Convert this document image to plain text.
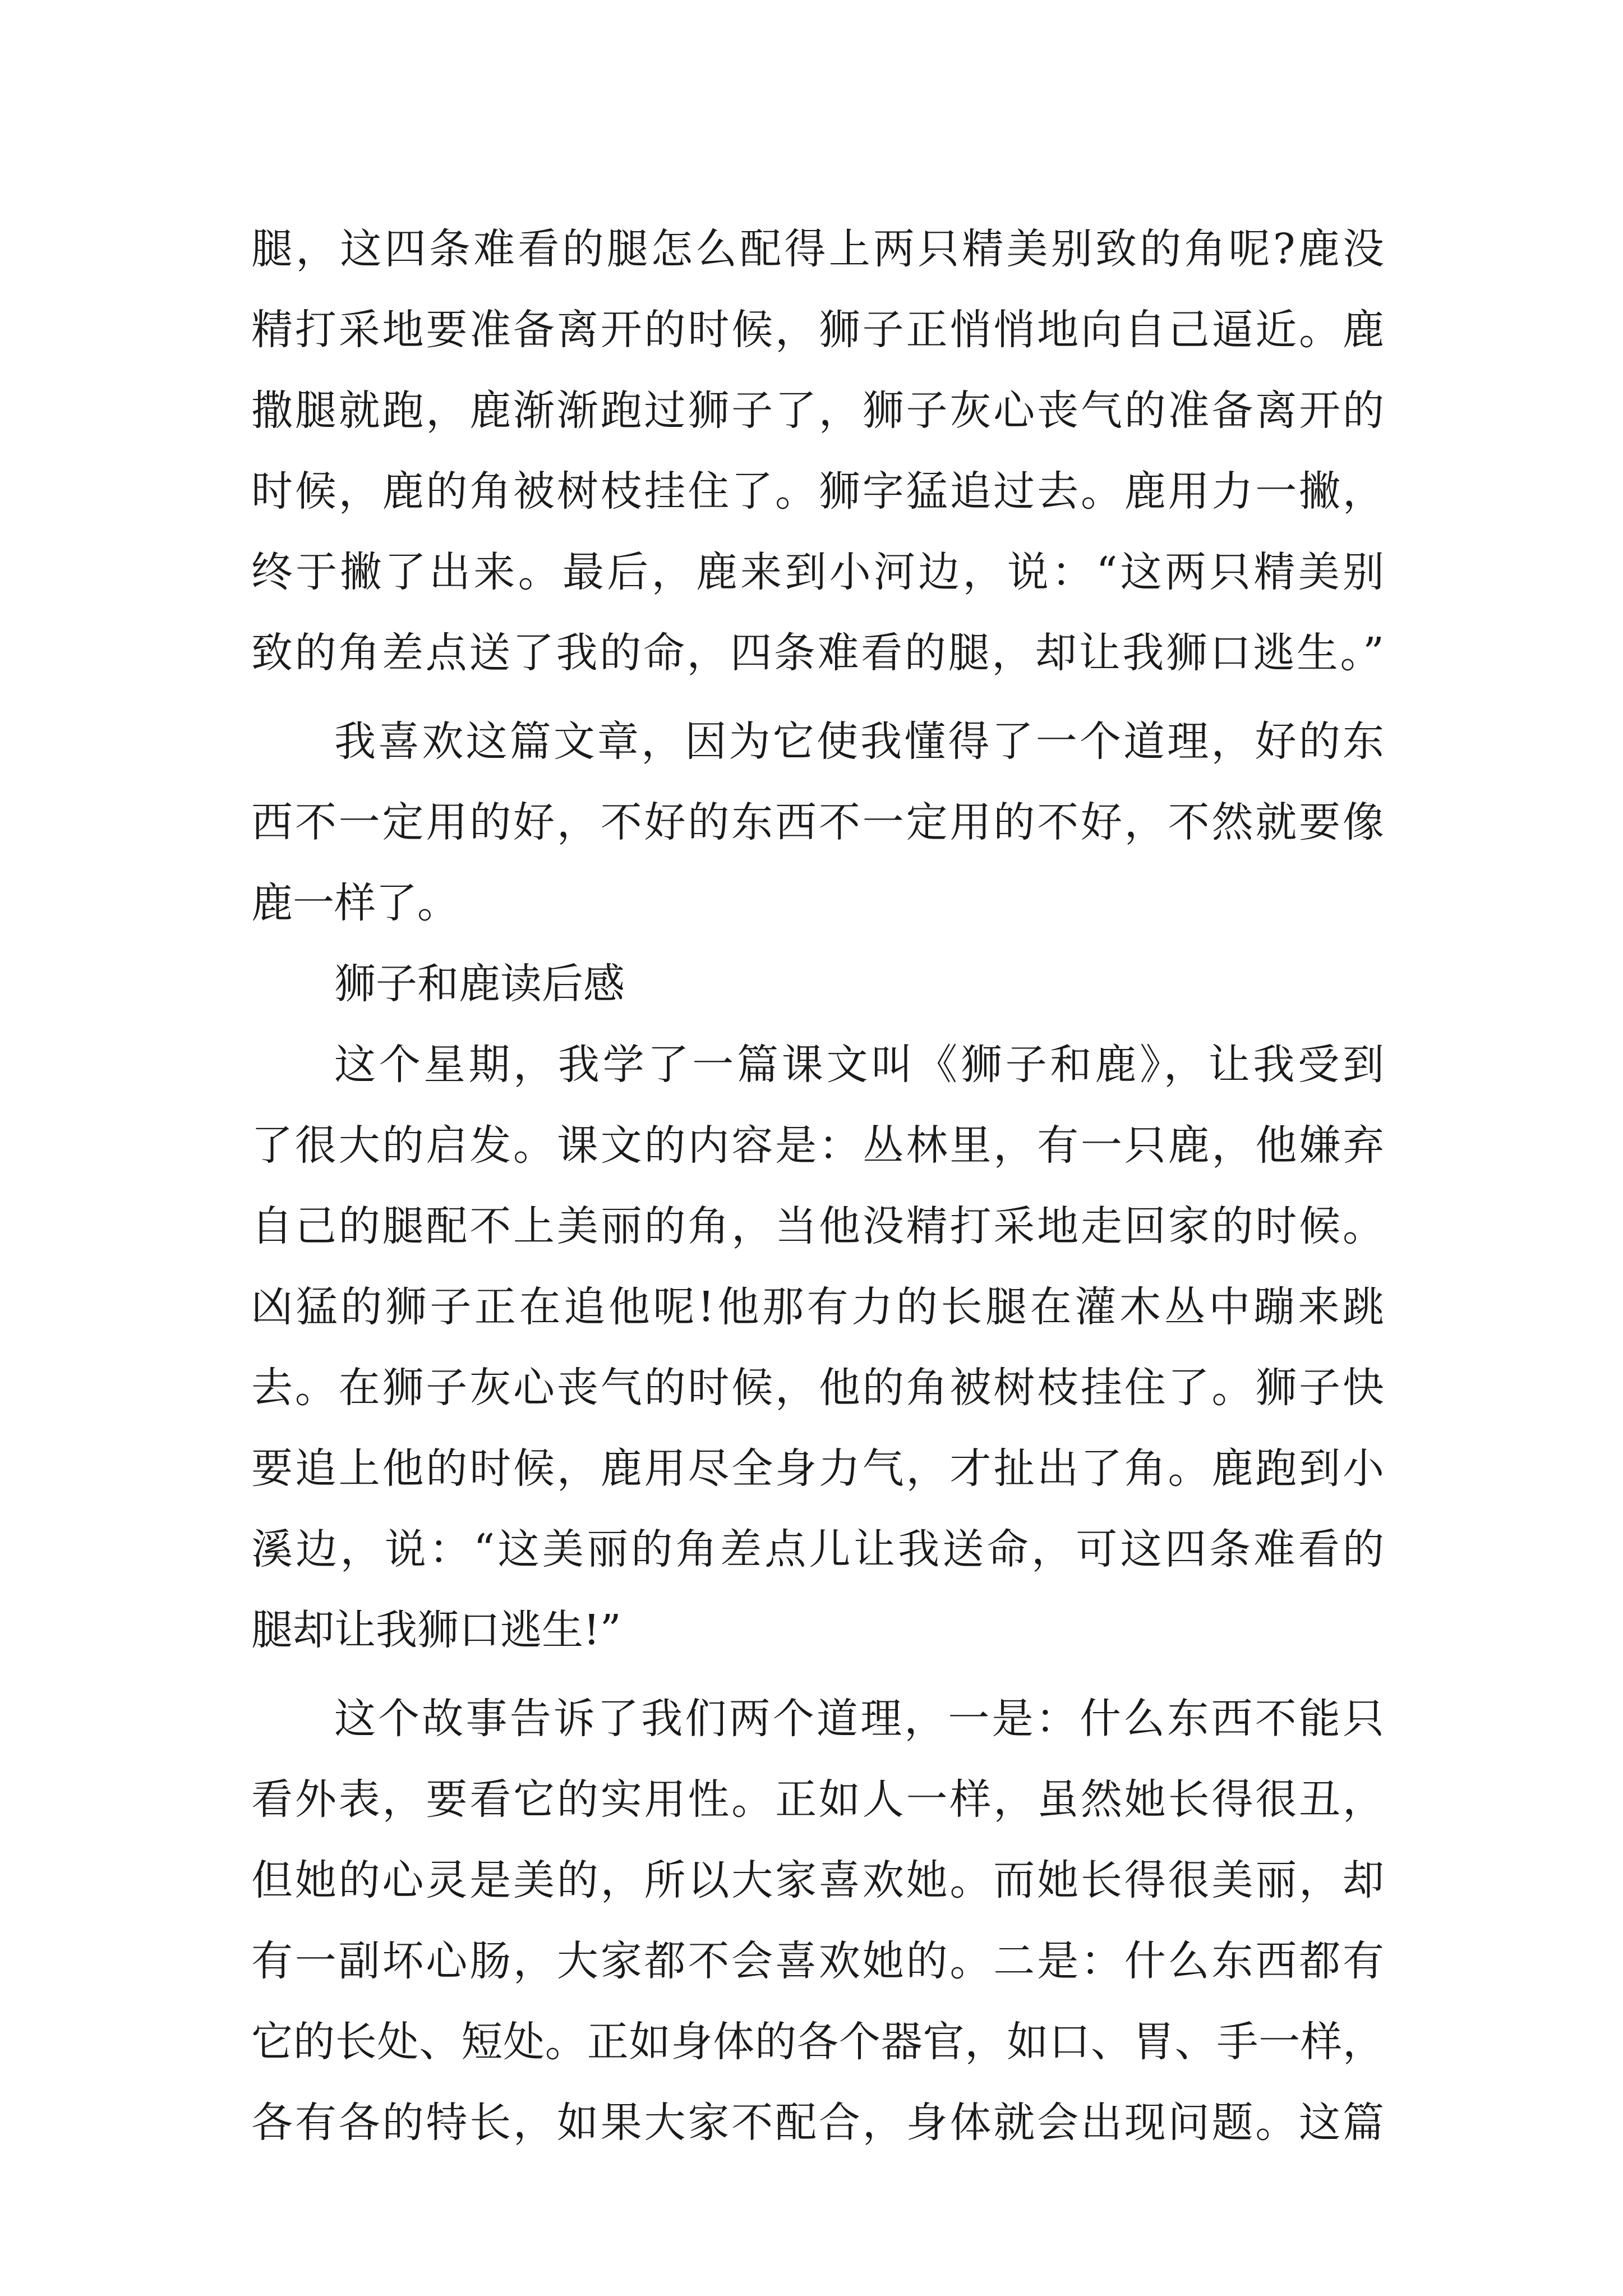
腿，这四条难看的腿怎么配得上两只精美别致的角呢?鹿没
精打采地要准备离开的时候，狮子正悄悄地向自己逼近。鹿
撒腿就跑，鹿渐渐跑过狮子了，狮子灰心丧气的准备离开的
时候，鹿的角被树枝挂住了。狮字猛追过去。鹿用力一撇，
终于撇了出来。最后，鹿来到小河边，说：“这两只精美别
致的角差点送了我的命，四条难看的腿，却让我狮口逃生。”
我喜欢这篇文章，因为它使我懂得了一个道理，好的东
西不一定用的好，不好的东西不一定用的不好，不然就要像
鹿一样了。
狮子和鹿读后感
这个星期，我学了一篇课文叫《狮子和鹿》，让我受到
了很大的启发。课文的内容是：丛林里，有一只鹿，他嫌弃
自己的腿配不上美丽的角，当他没精打采地走回家的时候。
凶猛的狮子正在追他呢!他那有力的长腿在灌木丛中蹦来跳
去。在狮子灰心丧气的时候，他的角被树枝挂住了。狮子快
要追上他的时候，鹿用尽全身力气，才扯出了角。鹿跑到小
溪边，说：“这美丽的角差点儿让我送命，可这四条难看的
腿却让我狮口逃生!”
这个故事告诉了我们两个道理，一是：什么东西不能只
看外表，要看它的实用性。正如人一样，虽然她长得很丑，
但她的心灵是美的，所以大家喜欢她。而她长得很美丽，却
有一副坏心肠，大家都不会喜欢她的。二是：什么东西都有
它的长处、短处。正如身体的各个器官，如口、胃、手一样，
各有各的特长，如果大家不配合，身体就会出现问题。这篇
